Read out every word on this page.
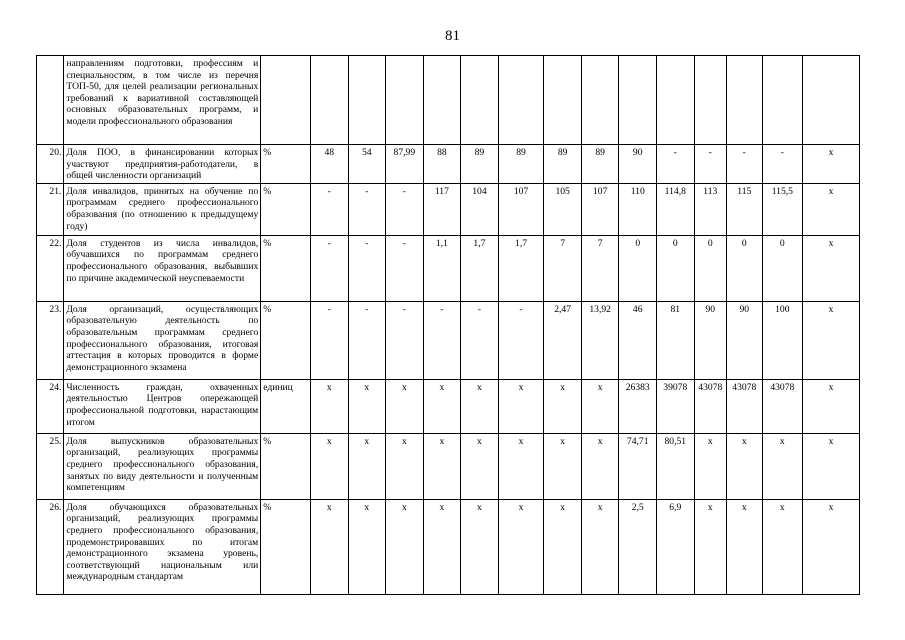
81
	направлениям подготовки, профессиям и специальностям, в том числе из перечня ТОП-50, для целей реализации региональных требований к вариативной составляющей основных образовательных программ, и модели профессионального образования															
20.	Доля ПОО, в финансировании которых участвуют предприятия-работодатели, в общей численности организаций	%	48	54	87,99	88	89	89	89	89	90	-	-	-	-	x
21.	Доля инвалидов, принятых на обучение по программам среднего профессионального образования (по отношению к предыдущему году)	%	-	-	-	117	104	107	105	107	110	114,8	113	115	115,5	x
22.	Доля студентов из числа инвалидов, обучавшихся по программам среднего профессионального образования, выбывших по причине академической неуспеваемости	%	-	-	-	1,1	1,7	1,7	7	7	0	0	0	0	0	x
23.	Доля организаций, осуществляющих образовательную деятельность по образовательным программам среднего профессионального образования, итоговая аттестация в которых проводится в форме демонстрационного экзамена	%	-	-	-	-	-	-	2,47	13,92	46	81	90	90	100	x
24.	Численность граждан, охваченных деятельностью Центров опережающей профессиональной подготовки, нарастающим итогом	единиц	x	x	x	x	x	x	x	x	26383	39078	43078	43078	43078	x
25.	Доля выпускников образовательных организаций, реализующих программы среднего профессионального образования, занятых по виду деятельности и полученным компетенциям	%	x	x	x	x	x	x	x	x	74,71	80,51	x	x	x	x
26.	Доля обучающихся образовательных организаций, реализующих программы среднего профессионального образования, продемонстрировавших по итогам демонстрационного экзамена уровень, соответствующий национальным или международным стандартам	%	x	x	x	x	x	x	x	x	2,5	6,9	x	x	x	x
